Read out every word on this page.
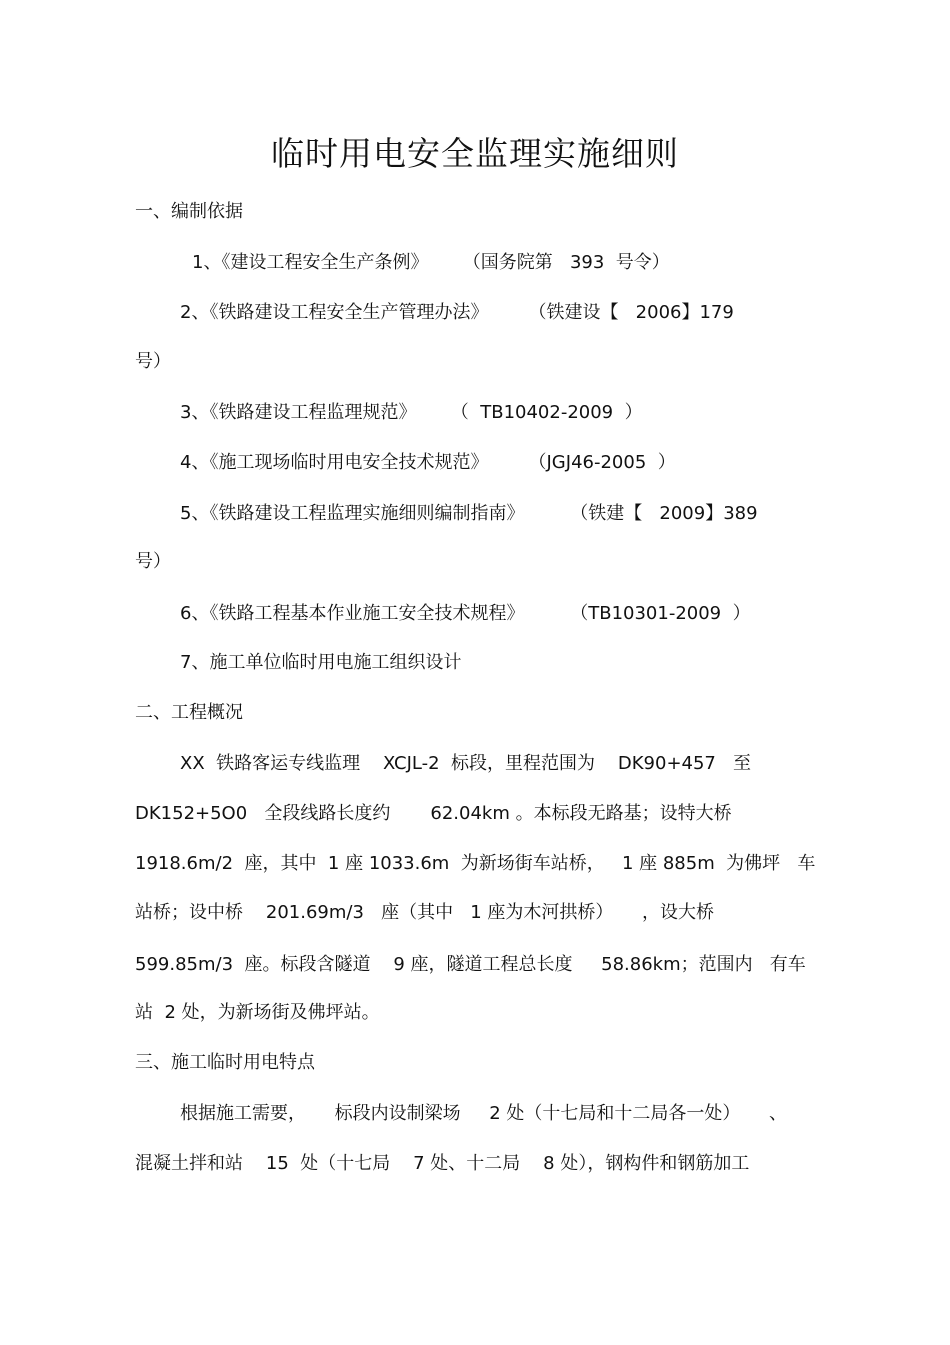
临时用电安全监理实施细则

一、编制依据

1、《建设工程安全生产条例》      （国务院第   393  号令）

2、《铁路建设工程安全生产管理办法》       （铁建设【   2006】179

号）

3、《铁路建设工程监理规范》      （  TB10402-2009  ）

4、《施工现场临时用电安全技术规范》       （JGJ46-2005  ）

5、《铁路建设工程监理实施细则编制指南》        （铁建【   2009】389

号）

6、《铁路工程基本作业施工安全技术规程》        （TB10301-2009  ）

7、施工单位临时用电施工组织设计

二、工程概况

XX  铁路客运专线监理    XCJL-2  标段，里程范围为    DK90+457   至

DK152+5O0   全段线路长度约       62.04km 。本标段无路基；设特大桥

1918.6m/2  座，其中  1 座 1033.6m  为新场街车站桥，   1 座 885m  为佛坪   车

站桥；设中桥    201.69m/3   座（其中   1 座为木河拱桥）     ，设大桥

599.85m/3  座。标段含隧道    9 座，隧道工程总长度     58.86km；范围内   有车

站  2 处，为新场街及佛坪站。

三、施工临时用电特点

根据施工需要，     标段内设制梁场     2 处（十七局和十二局各一处）     、

混凝土拌和站    15  处（十七局    7 处、十二局    8 处），钢构件和钢筋加工
